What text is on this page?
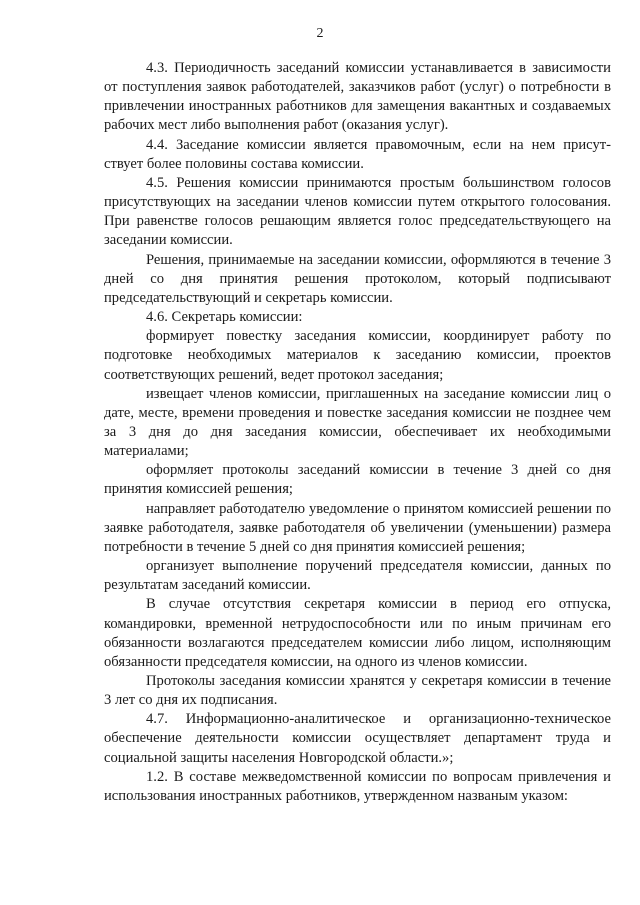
2

4.3. Периодичность заседаний комиссии устанавливается в зависимости от поступления заявок работодателей, заказчиков работ (услуг) о потребности в привлечении иностранных работников для замещения вакантных и создаваемых рабочих мест либо выполнения работ (оказания услуг).

4.4. Заседание комиссии является правомочным, если на нем присут-ствует более половины состава комиссии.

4.5. Решения комиссии принимаются простым большинством голосов присутствующих на заседании членов комиссии путем открытого голосования. При равенстве голосов решающим является голос председательствующего на заседании комиссии.

Решения, принимаемые на заседании комиссии, оформляются в течение 3 дней со дня принятия решения протоколом, который подписывают председательствующий и секретарь комиссии.

4.6. Секретарь комиссии:

формирует повестку заседания комиссии, координирует работу по подготовке необходимых материалов к заседанию комиссии, проектов соответствующих решений, ведет протокол заседания;

извещает членов комиссии, приглашенных на заседание комиссии лиц о дате, месте, времени проведения и повестке заседания комиссии не позднее чем за 3 дня до дня заседания комиссии, обеспечивает их необходимыми материалами;

оформляет протоколы заседаний комиссии в течение 3 дней со дня принятия комиссией решения;

направляет работодателю уведомление о принятом комиссией решении по заявке работодателя, заявке работодателя об увеличении (уменьшении) размера потребности в течение 5 дней со дня принятия комиссией решения;

организует выполнение поручений председателя комиссии, данных по результатам заседаний комиссии.

В случае отсутствия секретаря комиссии в период его отпуска, командировки, временной нетрудоспособности или по иным причинам его обязанности возлагаются председателем комиссии либо лицом, исполняющим обязанности председателя комиссии, на одного из членов комиссии.

Протоколы заседания комиссии хранятся у секретаря комиссии в течение 3 лет со дня их подписания.

4.7. Информационно-аналитическое и организационно-техническое обеспечение деятельности комиссии осуществляет департамент труда и социальной защиты населения Новгородской области.»;

1.2. В составе межведомственной комиссии по вопросам привлечения и использования иностранных работников, утвержденном названым указом:
